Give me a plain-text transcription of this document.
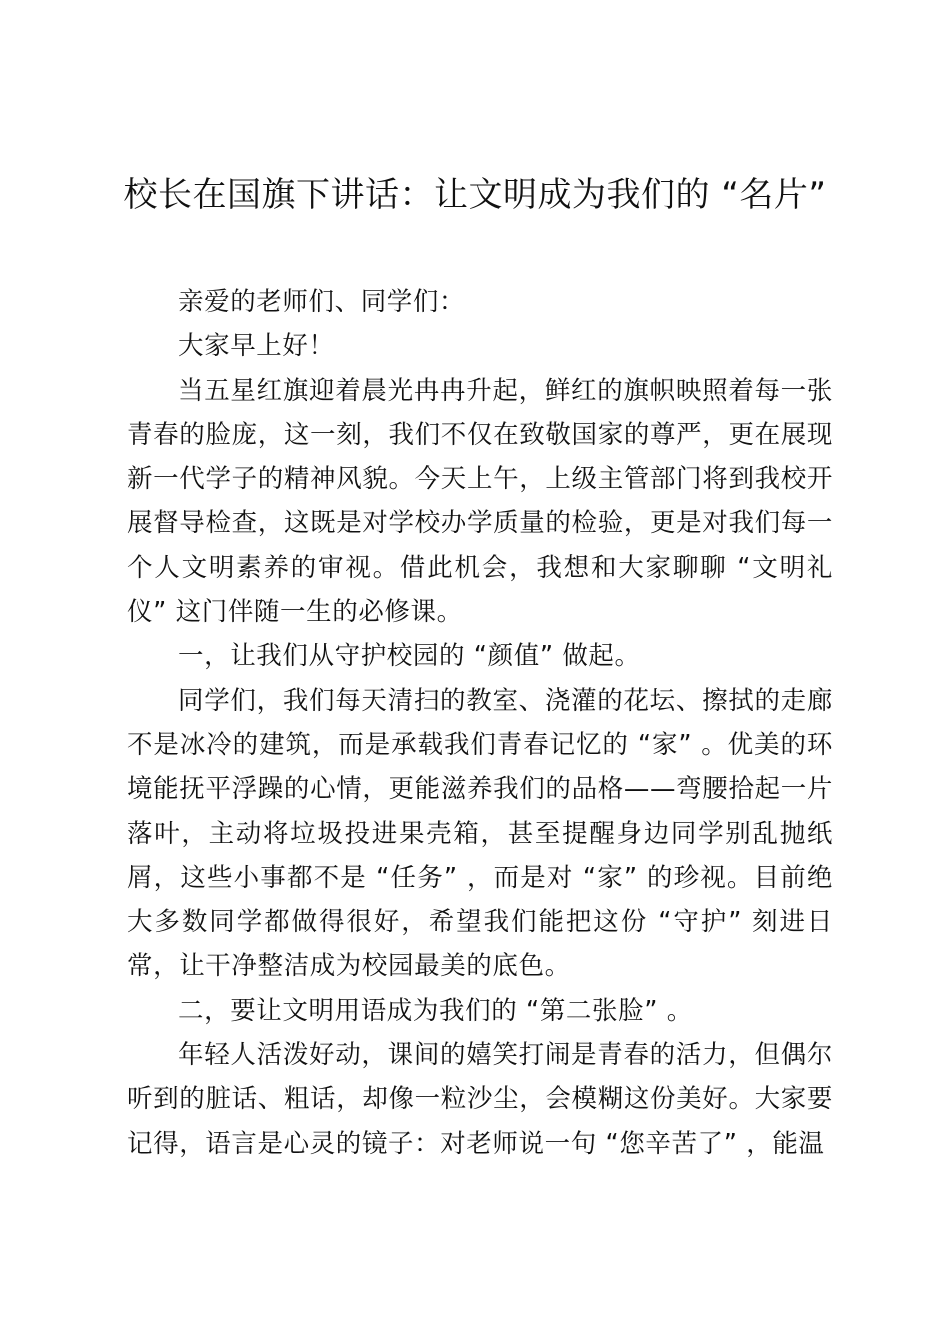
校长在国旗下讲话：让文明成为我们的 “名片”

亲爱的老师们、同学们：

大家早上好！

当五星红旗迎着晨光冉冉升起，鲜红的旗帜映照着每一张青春的脸庞，这一刻，我们不仅在致敬国家的尊严，更在展现新一代学子的精神风貌。今天上午，上级主管部门将到我校开展督导检查，这既是对学校办学质量的检验，更是对我们每一个人文明素养的审视。借此机会，我想和大家聊聊 “文明礼仪” 这门伴随一生的必修课。

一，让我们从守护校园的 “颜值” 做起。

同学们，我们每天清扫的教室、浇灌的花坛、擦拭的走廊不是冰冷的建筑，而是承载我们青春记忆的 “家” 。优美的环境能抚平浮躁的心情，更能滋养我们的品格——弯腰拾起一片落叶，主动将垃圾投进果壳箱，甚至提醒身边同学别乱抛纸屑，这些小事都不是 “任务” ，而是对 “家” 的珍视。目前绝大多数同学都做得很好，希望我们能把这份 “守护” 刻进日常，让干净整洁成为校园最美的底色。

二，要让文明用语成为我们的 “第二张脸” 。

年轻人活泼好动，课间的嬉笑打闹是青春的活力，但偶尔听到的脏话、粗话，却像一粒沙尘，会模糊这份美好。大家要记得，语言是心灵的镜子：对老师说一句 “您辛苦了” ，能温
